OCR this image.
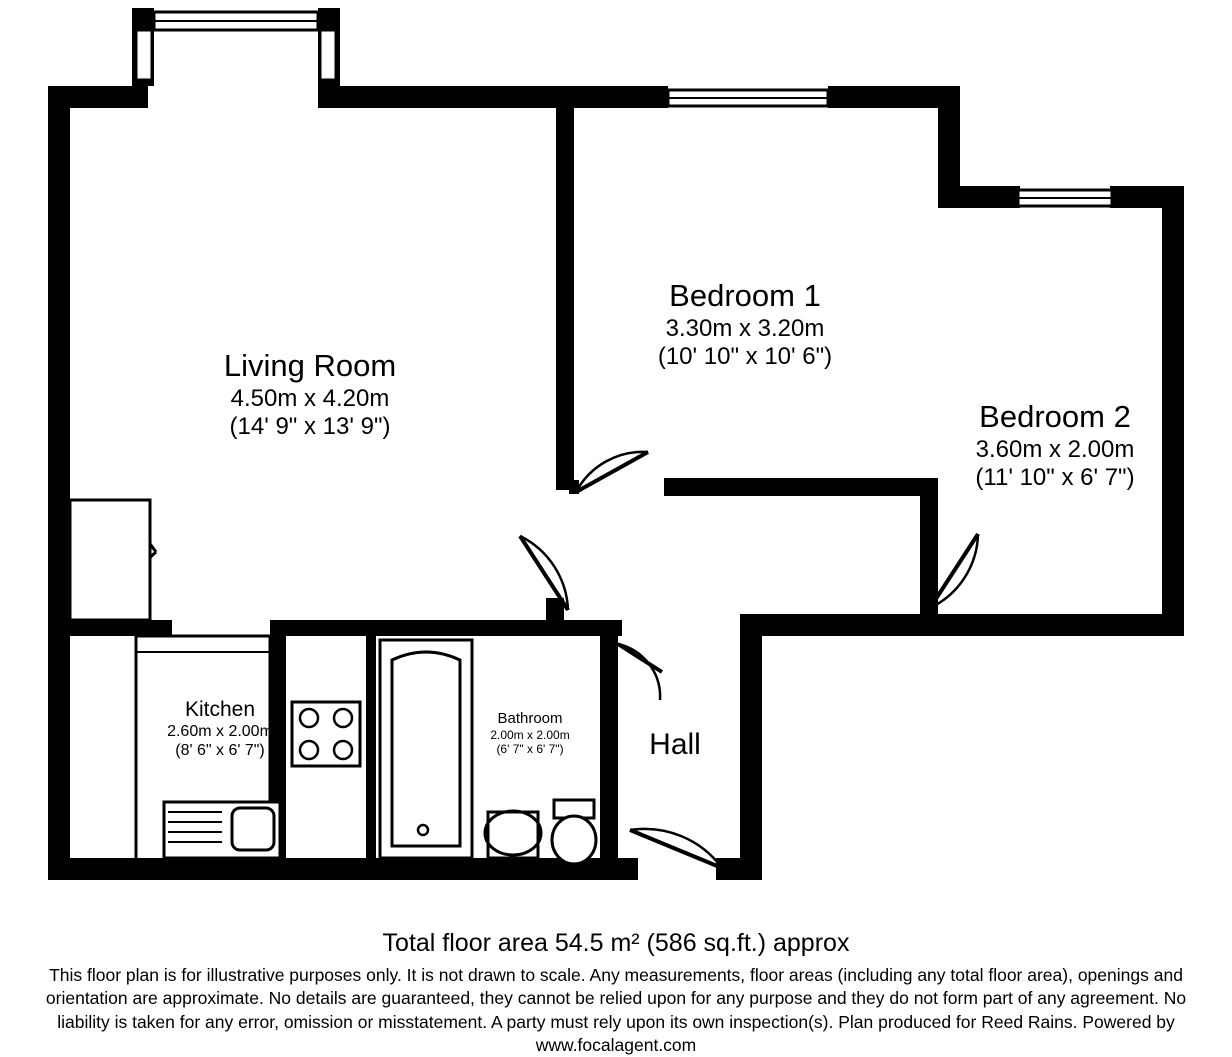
Living Room
4.50m x 4.20m
(14' 9" x 13' 9")
Bedroom 1
3.30m x 3.20m
(10' 10" x 10' 6")
Bedroom 2
3.60m x 2.00m
(11' 10" x 6' 7")
Kitchen
2.60m x 2.00m
(8' 6" x 6' 7")
Bathroom
2.00m x 2.00m
(6' 7" x 6' 7")	Hall
Total floor area 54.5 m² (586 sq.ft.) approx
This floor plan is for illustrative purposes only. It is not drawn to scale. Any measurements, floor areas (including any total floor area), openings and
orientation are approximate. No details are guaranteed, they cannot be relied upon for any purpose and they do not form part of any agreement. No
liability is taken for any error, omission or misstatement. A party must rely upon its own inspection(s). Plan produced for Reed Rains. Powered by
www.focalagent.com
